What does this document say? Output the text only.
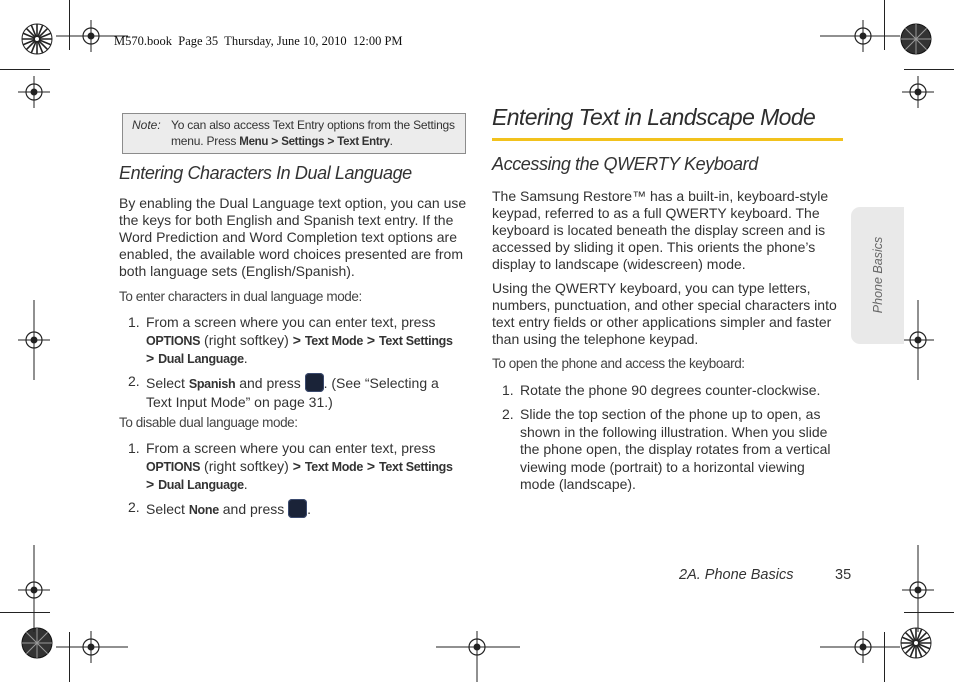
M570.book  Page 35  Thursday, June 10, 2010  12:00 PM
Note: Yo can also access Text Entry options from the Settings
menu. Press Menu > Settings > Text Entry.
Entering Characters In Dual Language
By enabling the Dual Language text option, you can use the keys for both English and Spanish text entry. If the Word Prediction and Word Completion text options are enabled, the available word choices presented are from both language sets (English/Spanish).
To enter characters in dual language mode:
1. From a screen where you can enter text, press
OPTIONS (right softkey) > Text Mode > Text Settings
> Dual Language.
2. Select Spanish and press . (See “Selecting a
Text Input Mode” on page 31.)
To disable dual language mode:
1. From a screen where you can enter text, press
OPTIONS (right softkey) > Text Mode > Text Settings
> Dual Language.
2. Select None and press .
Entering Text in Landscape Mode
Accessing the QWERTY Keyboard
The Samsung Restore™ has a built-in, keyboard-style keypad, referred to as a full QWERTY keyboard. The keyboard is located beneath the display screen and is accessed by sliding it open. This orients the phone’s display to landscape (widescreen) mode.
Using the QWERTY keyboard, you can type letters, numbers, punctuation, and other special characters into text entry fields or other applications simpler and faster than using the telephone keypad.
To open the phone and access the keyboard:
1. Rotate the phone 90 degrees counter-clockwise.
2. Slide the top section of the phone up to open, as shown in the following illustration. When you slide the phone open, the display rotates from a vertical viewing mode (portrait) to a horizontal viewing mode (landscape).
Phone Basics
2A. Phone Basics	35
